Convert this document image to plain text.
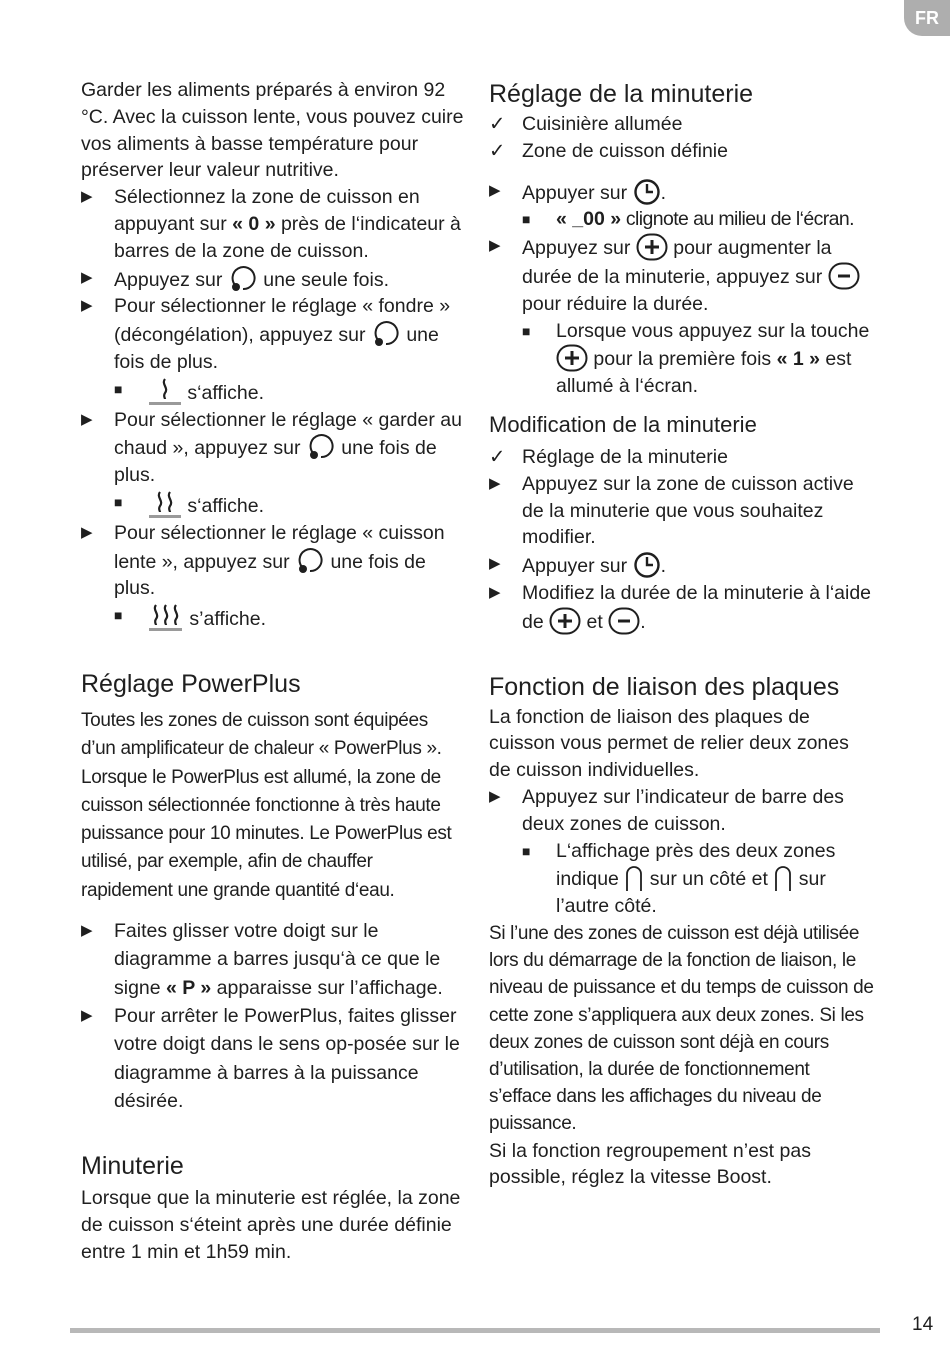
FR

Garder les aliments préparés à environ 92 °C. Avec la cuisson lente, vous pouvez cuire vos aliments à basse température pour préserver leur valeur nutritive.

▶ Sélectionnez la zone de cuisson en appuyant sur « 0 » près de l‘indicateur à barres de la zone de cuisson.
▶ Appuyez sur
une seule fois.
▶ Pour sélectionner le réglage « fondre » (décongélation), appuyez sur
une fois de plus.
■	s‘affiche.
▶ Pour sélectionner le réglage « garder au chaud », appuyez sur
une fois de plus.
■	s‘affiche.
▶ Pour sélectionner le réglage « cuisson lente », appuyez sur
une fois de plus.
■	s’affiche.
Réglage PowerPlus

Toutes les zones de cuisson sont équipées d’un amplificateur de chaleur « PowerPlus ». Lorsque le PowerPlus est allumé, la zone de cuisson sélectionnée fonctionne à très haute puissance pour 10 minutes. Le PowerPlus est utilisé, par exemple, afin de chauffer rapidement une grande quantité d‘eau.

▶ Faites glisser votre doigt sur le diagramme a barres jusqu‘à ce que le signe « P » apparaisse sur l’affichage.
▶ Pour arrêter le PowerPlus, faites glisser votre doigt dans le sens op-posée sur le diagramme à barres à la puissance désirée.
Minuterie

Lorsque que la minuterie est réglée, la zone de cuisson s‘éteint après une durée définie entre 1 min et 1h59 min.

Réglage de la minuterie
✓ Cuisinière allumée
✓ Zone de cuisson définie
▶ Appuyer sur
.
■ « _00 » clignote au milieu de l‘écran.
▶ Appuyez sur
pour augmenter la durée de la minuterie, appuyez sur
pour réduire la durée.
■ Lorsque vous appuyez sur la touche
pour la première fois « 1 » est allumé à l‘écran.
Modification de la minuterie
✓ Réglage de la minuterie
▶ Appuyez sur la zone de cuisson active de la minuterie que vous souhaitez modifier.
▶ Appuyer sur
.
▶ Modifiez la durée de la minuterie à l‘aide de
et
.
Fonction de liaison des plaques

La fonction de liaison des plaques de cuisson vous permet de relier deux zones de cuisson individuelles.

▶ Appuyez sur l’indicateur de barre des deux zones de cuisson.
■ L‘affichage près des deux zones indique
sur un côté et
sur l’autre côté.

Si l’une des zones de cuisson est déjà utilisée lors du démarrage de la fonction de liaison, le niveau de puissance et du temps de cuisson de cette zone s’appliquera aux deux zones. Si les deux zones de cuisson sont déjà en cours d’utilisation, la durée de fonctionnement s’efface dans les affichages du niveau de puissance.

Si la fonction regroupement n’est pas possible, réglez la vitesse Boost.

14
